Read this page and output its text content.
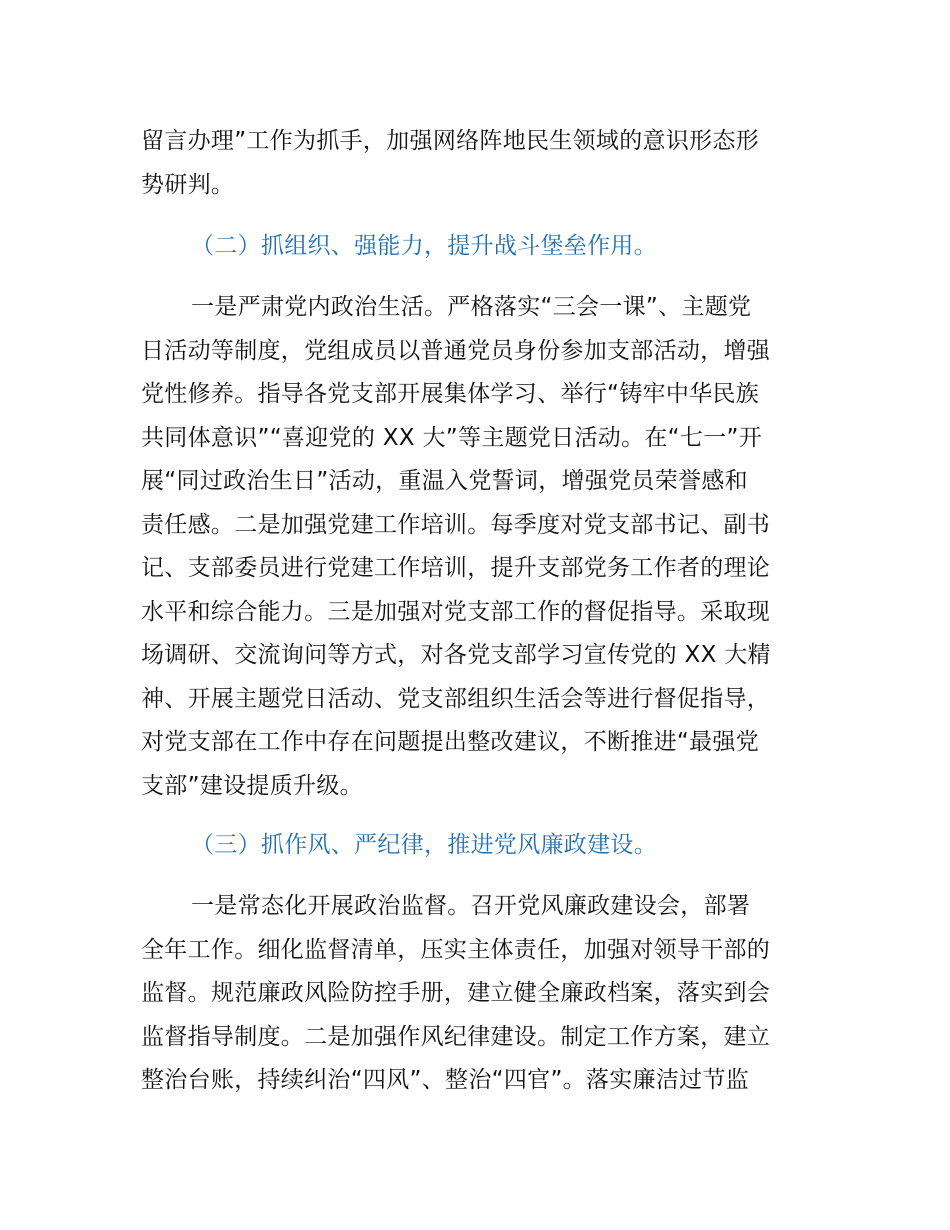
留言办理”工作为抓手，加强网络阵地民生领域的意识形态形
势研判。
（二）抓组织、强能力，提升战斗堡垒作用。
一是严肃党内政治生活。严格落实“三会一课”、主题党
日活动等制度，党组成员以普通党员身份参加支部活动，增强
党性修养。指导各党支部开展集体学习、举行“铸牢中华民族
共同体意识”“喜迎党的 XX 大”等主题党日活动。在“七一”开
展“同过政治生日”活动，重温入党誓词，增强党员荣誉感和
责任感。二是加强党建工作培训。每季度对党支部书记、副书
记、支部委员进行党建工作培训，提升支部党务工作者的理论
水平和综合能力。三是加强对党支部工作的督促指导。采取现
场调研、交流询问等方式，对各党支部学习宣传党的 XX 大精
神、开展主题党日活动、党支部组织生活会等进行督促指导，
对党支部在工作中存在问题提出整改建议，不断推进“最强党
支部”建设提质升级。
（三）抓作风、严纪律，推进党风廉政建设。
一是常态化开展政治监督。召开党风廉政建设会，部署
全年工作。细化监督清单，压实主体责任，加强对领导干部的
监督。规范廉政风险防控手册，建立健全廉政档案，落实到会
监督指导制度。二是加强作风纪律建设。制定工作方案，建立
整治台账，持续纠治“四风”、整治“四官”。落实廉洁过节监
